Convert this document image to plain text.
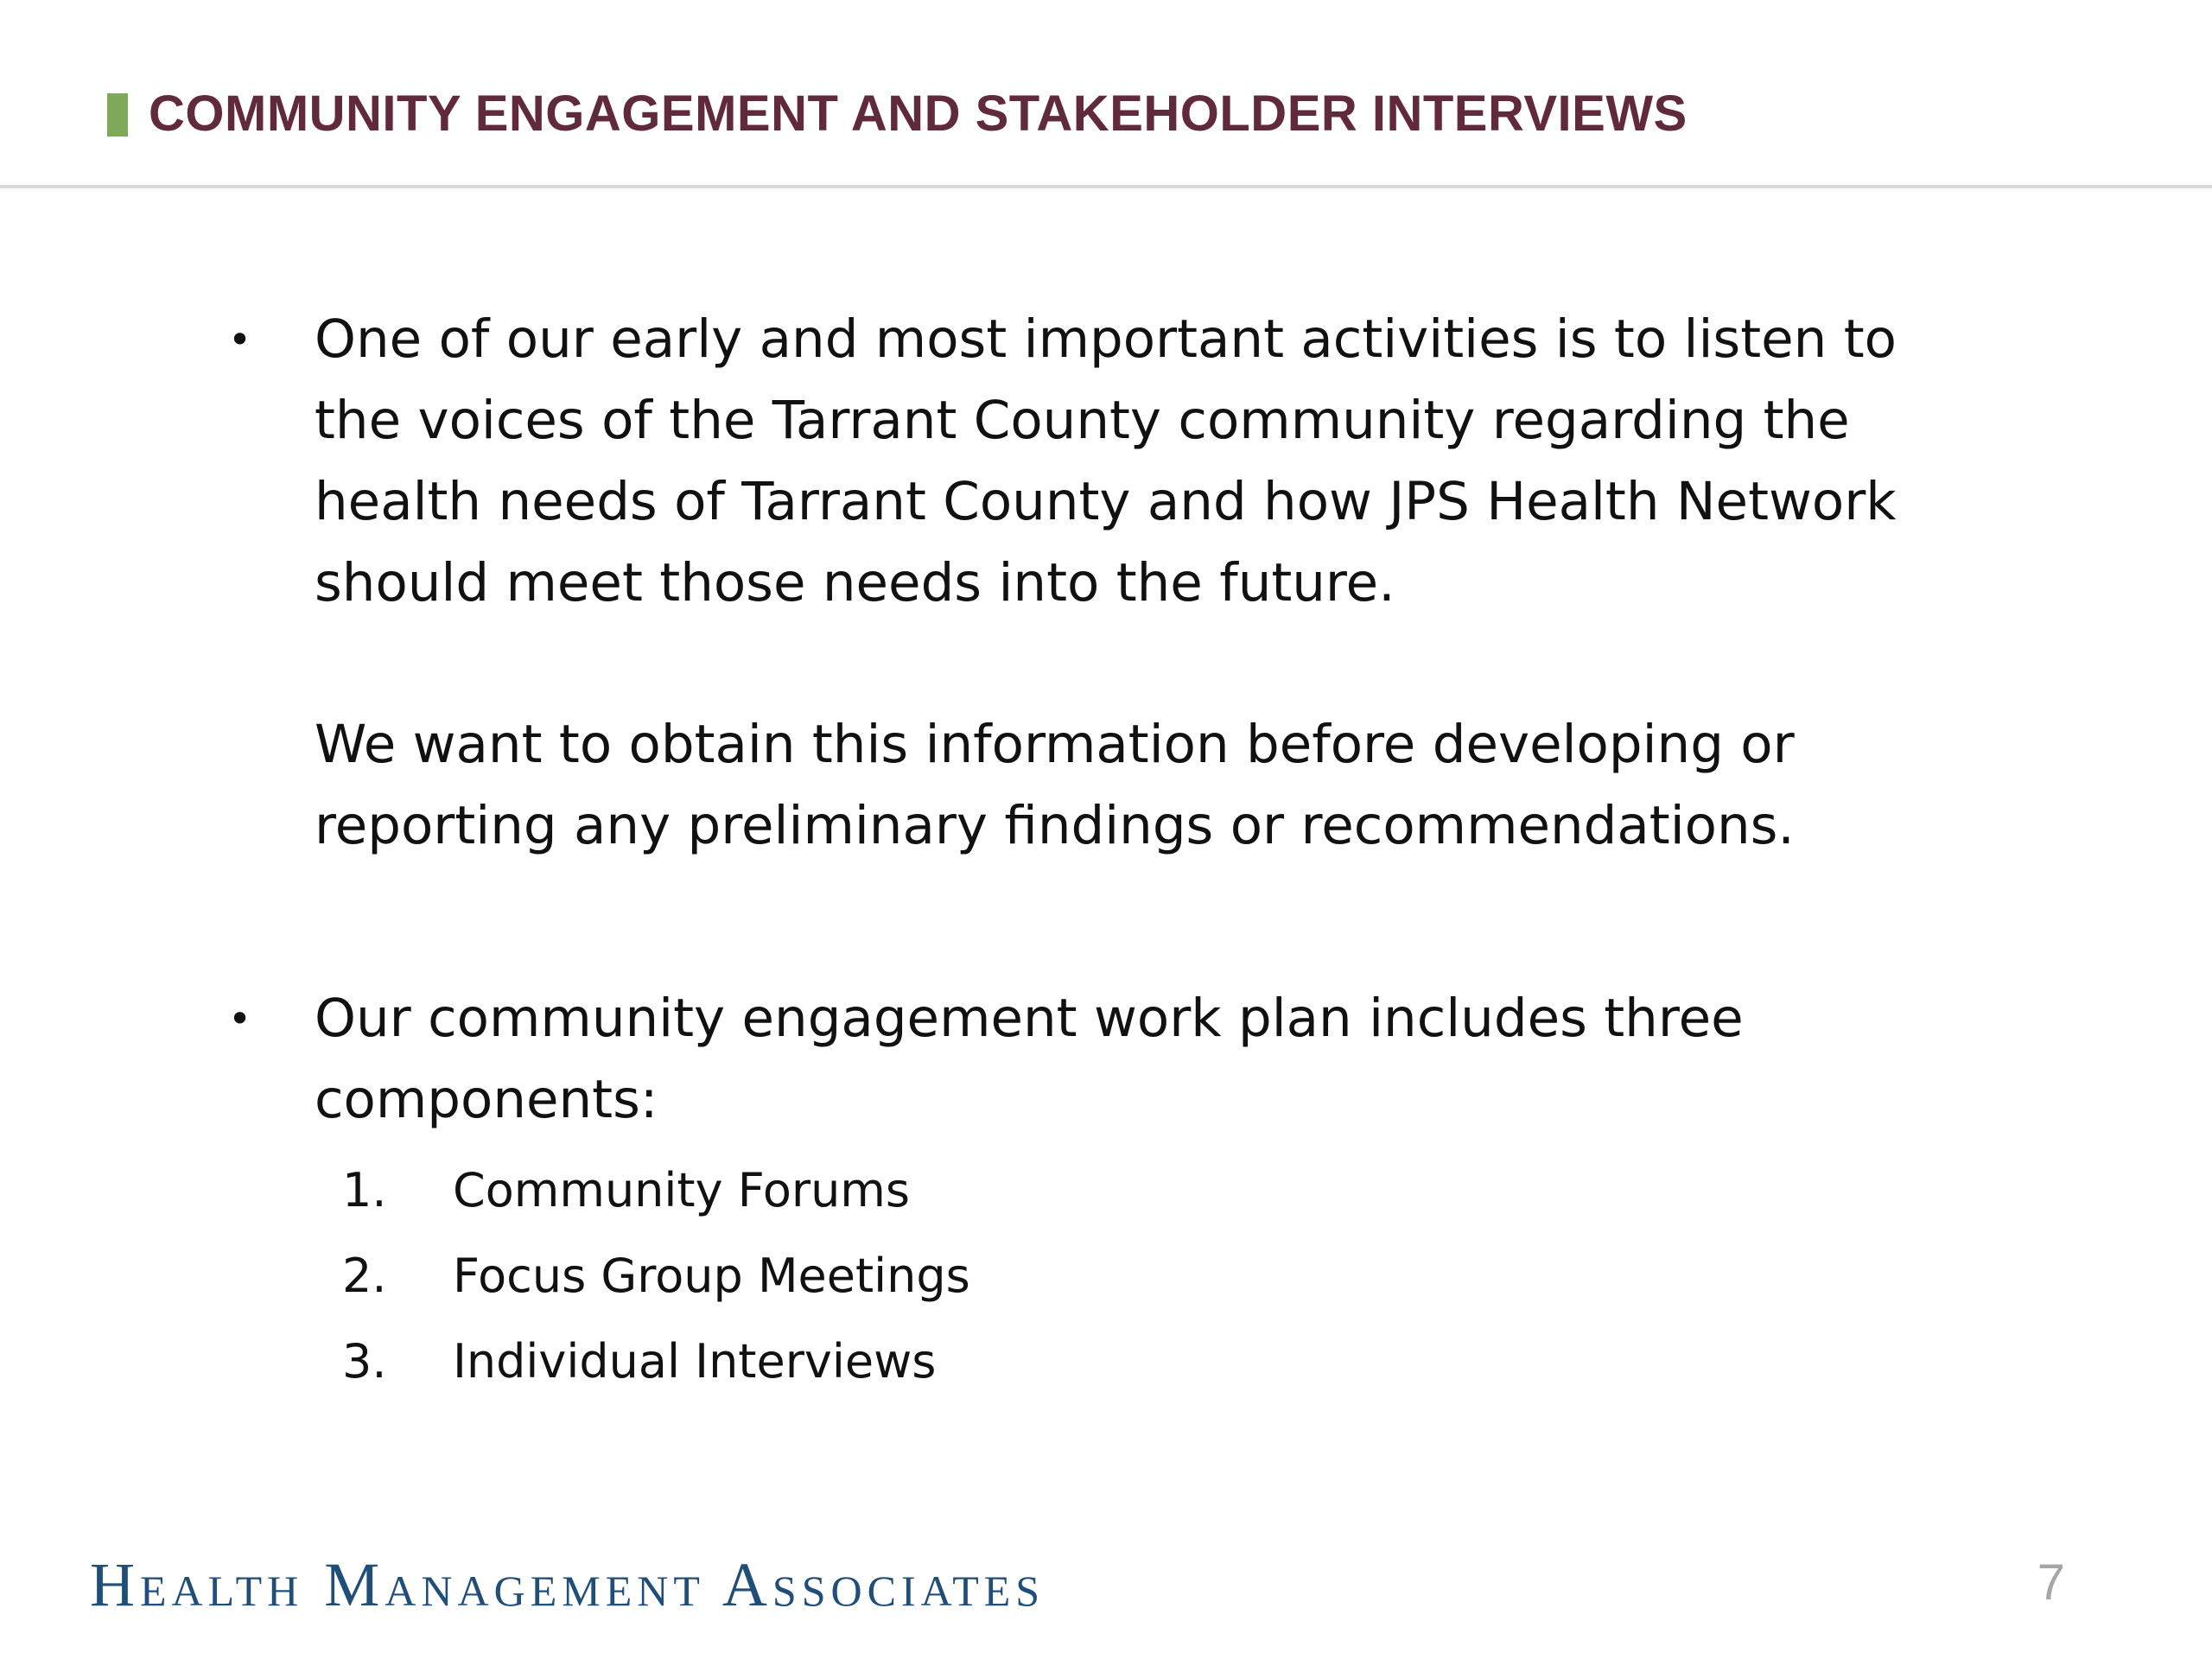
COMMUNITY ENGAGEMENT AND STAKEHOLDER INTERVIEWS
• One of our early and most important activities is to listen to the voices of the Tarrant County community regarding the health needs of Tarrant County and how JPS Health Network should meet those needs into the future.

We want to obtain this information before developing or reporting any preliminary findings or recommendations.

• Our community engagement work plan includes three components:

1. Community Forums
2. Focus Group Meetings
3. Individual Interviews
Health Management Associates	7
